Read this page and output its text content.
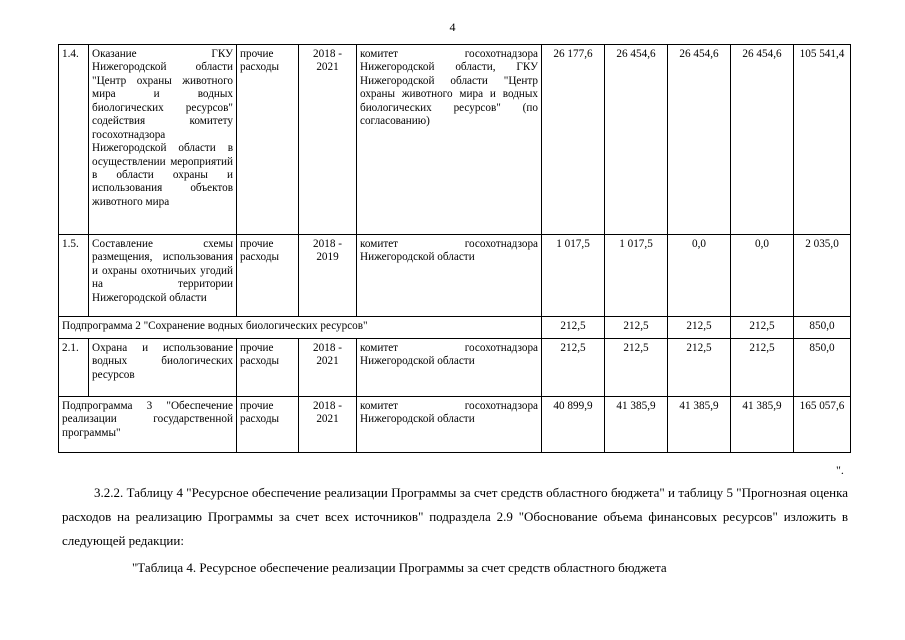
4
1.4.	Оказание ГКУ Нижегородской области "Центр охраны животного мира и водных биологических ресурсов" содействия комитету госохотнадзора Нижегородской области в осуществлении мероприятий в области охраны и использования объектов животного мира	прочие расходы	2018 - 2021	комитет госохотнадзора Нижегородской области, ГКУ Нижегородской области "Центр охраны животного мира и водных биологических ресурсов" (по согласованию)	26 177,6	26 454,6	26 454,6	26 454,6	105 541,4
1.5.	Составление схемы размещения, использования и охраны охотничьих угодий на территории Нижегородской области	прочие расходы	2018 - 2019	комитет госохотнадзора Нижегородской области	1 017,5	1 017,5	0,0	0,0	2 035,0
Подпрограмма 2 "Сохранение водных биологических ресурсов"					212,5	212,5	212,5	212,5	850,0
2.1.	Охрана и использование водных биологических ресурсов	прочие расходы	2018 - 2021	комитет госохотнадзора Нижегородской области	212,5	212,5	212,5	212,5	850,0
Подпрограмма 3 "Обеспечение реализации государственной программы"		прочие расходы	2018 - 2021	комитет госохотнадзора Нижегородской области	40 899,9	41 385,9	41 385,9	41 385,9	165 057,6
".

3.2.2. Таблицу 4 "Ресурсное обеспечение реализации Программы за счет средств областного бюджета" и таблицу 5 "Прогнозная оценка расходов на реализацию Программы за счет всех источников" подраздела 2.9 "Обоснование объема финансовых ресурсов" изложить в следующей редакции:

"Таблица 4. Ресурсное обеспечение реализации Программы за счет средств областного бюджета
